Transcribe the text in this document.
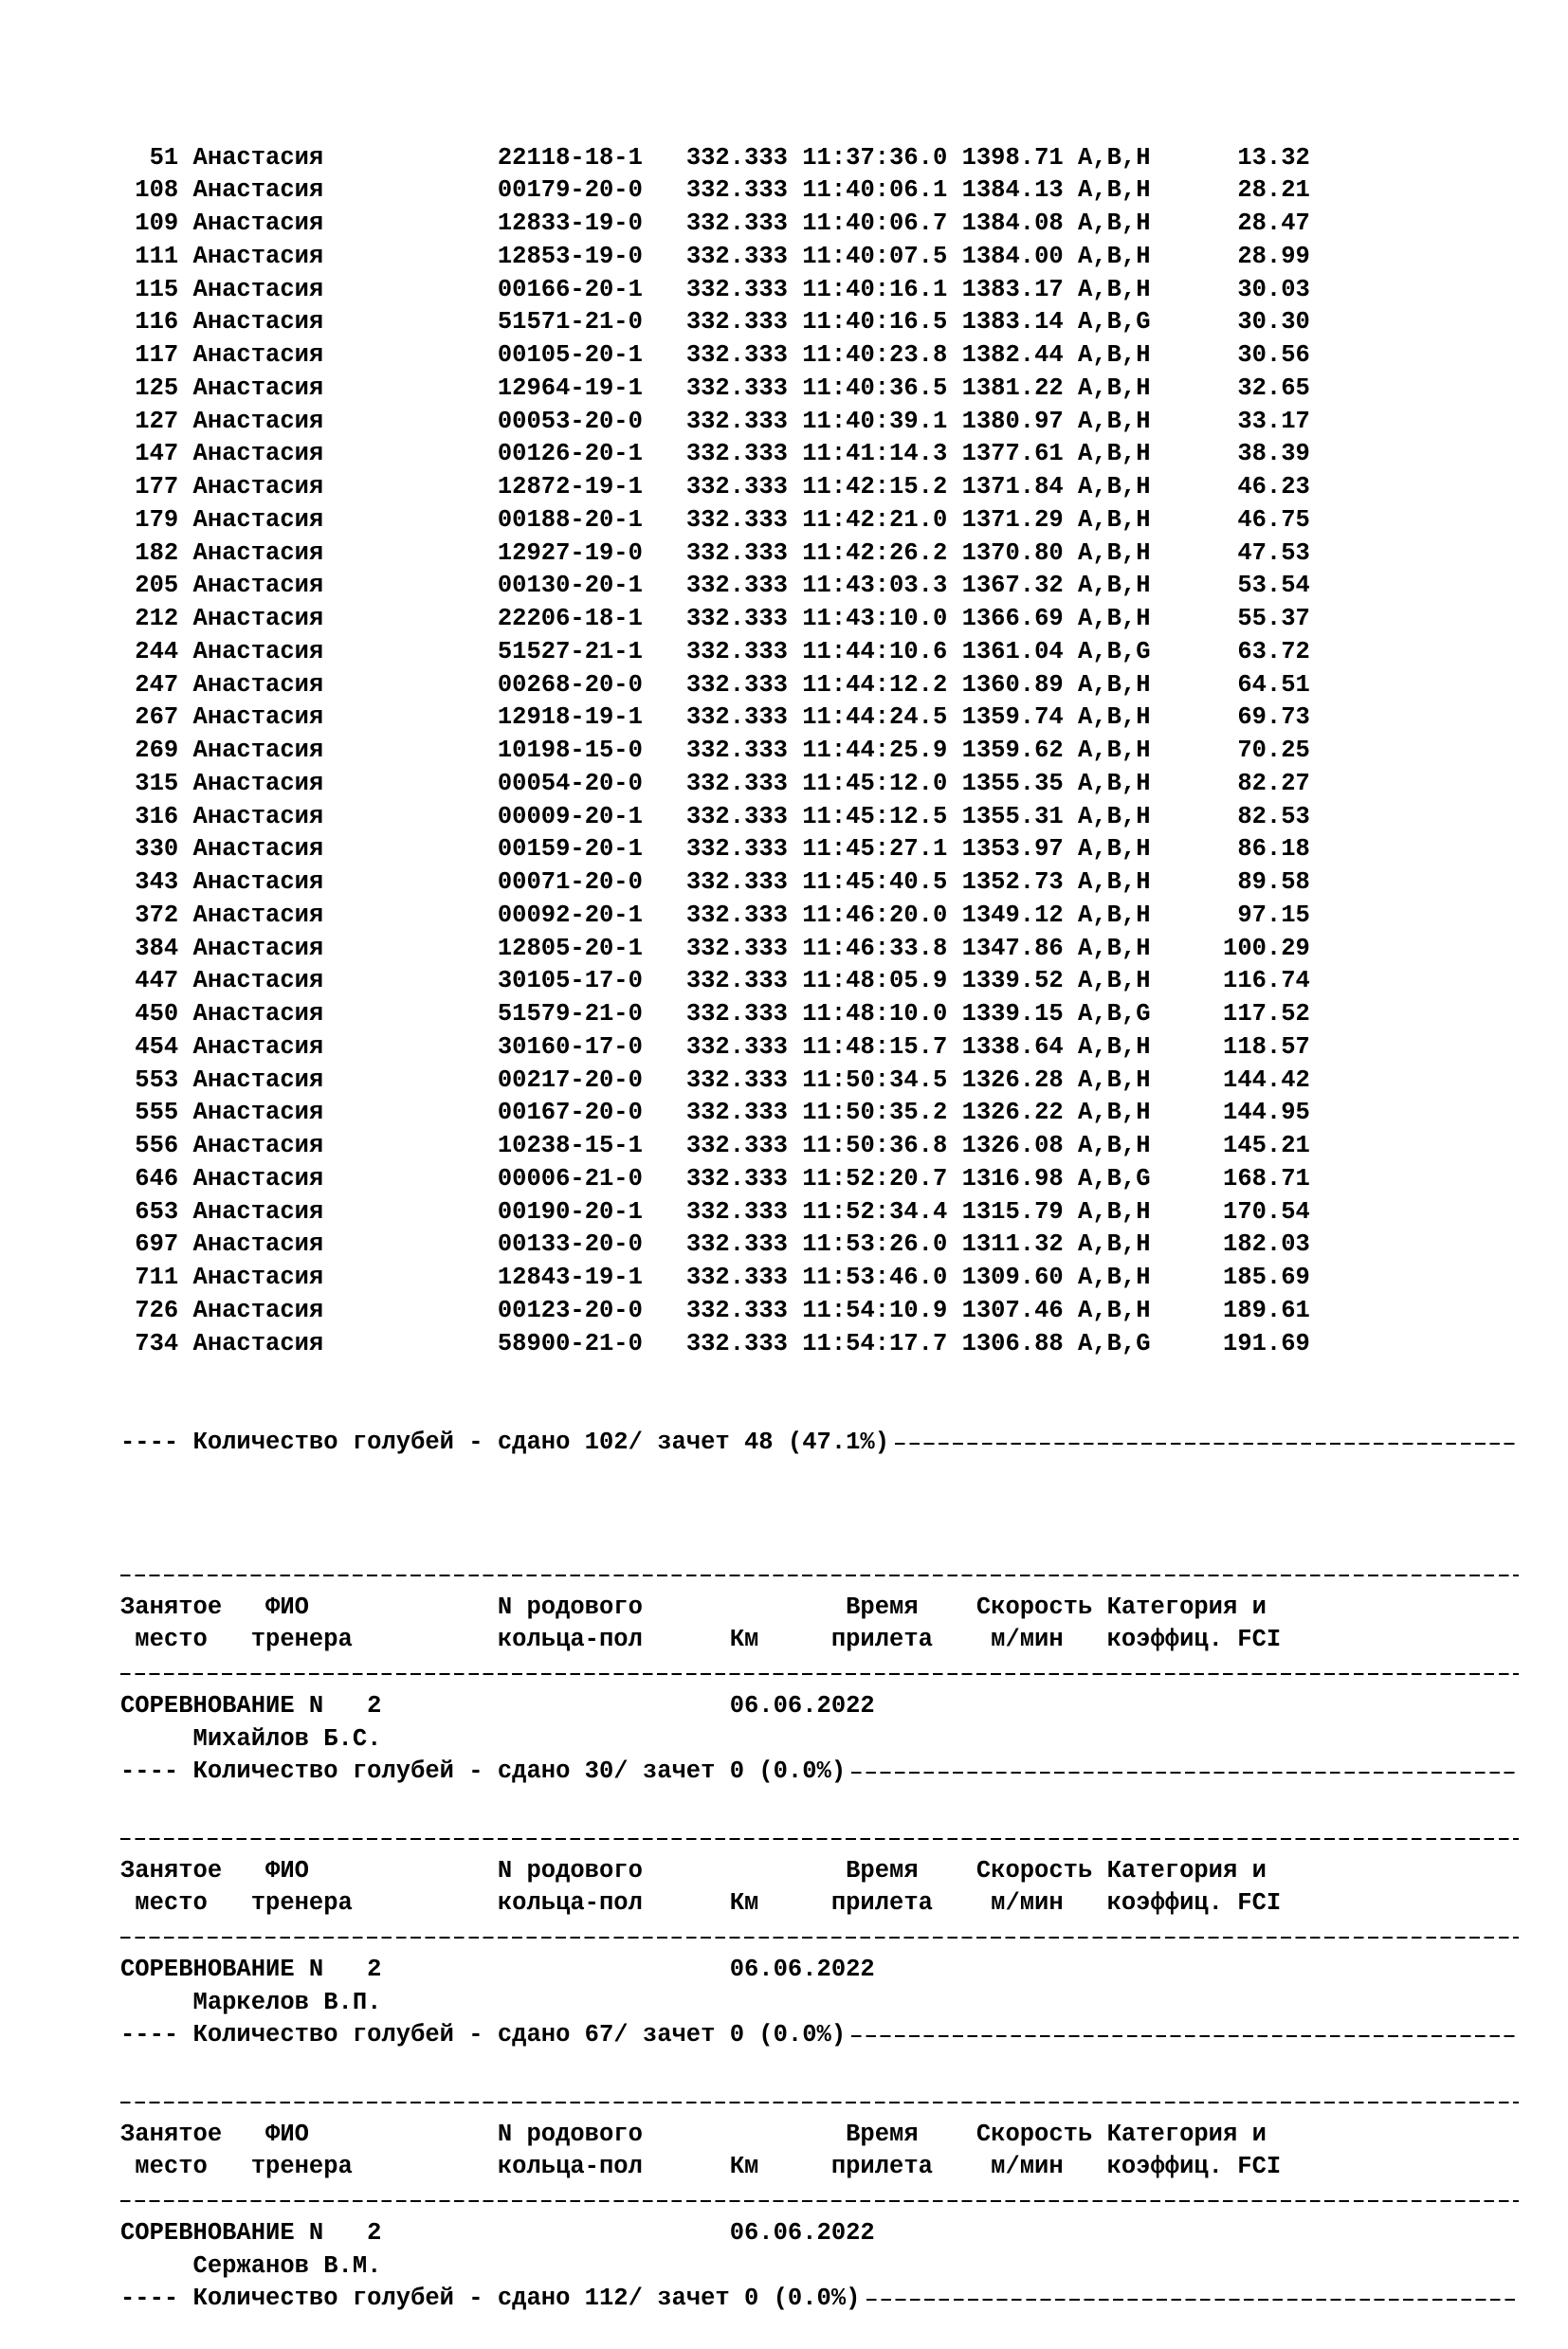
51 Анастасия            22118-18-1   332.333 11:37:36.0 1398.71 A,B,H      13.32
108 Анастасия            00179-20-0   332.333 11:40:06.1 1384.13 A,B,H      28.21
109 Анастасия            12833-19-0   332.333 11:40:06.7 1384.08 A,B,H      28.47
111 Анастасия            12853-19-0   332.333 11:40:07.5 1384.00 A,B,H      28.99
115 Анастасия            00166-20-1   332.333 11:40:16.1 1383.17 A,B,H      30.03
116 Анастасия            51571-21-0   332.333 11:40:16.5 1383.14 A,B,G      30.30
117 Анастасия            00105-20-1   332.333 11:40:23.8 1382.44 A,B,H      30.56
125 Анастасия            12964-19-1   332.333 11:40:36.5 1381.22 A,B,H      32.65
127 Анастасия            00053-20-0   332.333 11:40:39.1 1380.97 A,B,H      33.17
147 Анастасия            00126-20-1   332.333 11:41:14.3 1377.61 A,B,H      38.39
177 Анастасия            12872-19-1   332.333 11:42:15.2 1371.84 A,B,H      46.23
179 Анастасия            00188-20-1   332.333 11:42:21.0 1371.29 A,B,H      46.75
182 Анастасия            12927-19-0   332.333 11:42:26.2 1370.80 A,B,H      47.53
205 Анастасия            00130-20-1   332.333 11:43:03.3 1367.32 A,B,H      53.54
212 Анастасия            22206-18-1   332.333 11:43:10.0 1366.69 A,B,H      55.37
244 Анастасия            51527-21-1   332.333 11:44:10.6 1361.04 A,B,G      63.72
247 Анастасия            00268-20-0   332.333 11:44:12.2 1360.89 A,B,H      64.51
267 Анастасия            12918-19-1   332.333 11:44:24.5 1359.74 A,B,H      69.73
269 Анастасия            10198-15-0   332.333 11:44:25.9 1359.62 A,B,H      70.25
315 Анастасия            00054-20-0   332.333 11:45:12.0 1355.35 A,B,H      82.27
316 Анастасия            00009-20-1   332.333 11:45:12.5 1355.31 A,B,H      82.53
330 Анастасия            00159-20-1   332.333 11:45:27.1 1353.97 A,B,H      86.18
343 Анастасия            00071-20-0   332.333 11:45:40.5 1352.73 A,B,H      89.58
372 Анастасия            00092-20-1   332.333 11:46:20.0 1349.12 A,B,H      97.15
384 Анастасия            12805-20-1   332.333 11:46:33.8 1347.86 A,B,H     100.29
447 Анастасия            30105-17-0   332.333 11:48:05.9 1339.52 A,B,H     116.74
450 Анастасия            51579-21-0   332.333 11:48:10.0 1339.15 A,B,G     117.52
454 Анастасия            30160-17-0   332.333 11:48:15.7 1338.64 A,B,H     118.57
553 Анастасия            00217-20-0   332.333 11:50:34.5 1326.28 A,B,H     144.42
555 Анастасия            00167-20-0   332.333 11:50:35.2 1326.22 A,B,H     144.95
556 Анастасия            10238-15-1   332.333 11:50:36.8 1326.08 A,B,H     145.21
646 Анастасия            00006-21-0   332.333 11:52:20.7 1316.98 A,B,G     168.71
653 Анастасия            00190-20-1   332.333 11:52:34.4 1315.79 A,B,H     170.54
697 Анастасия            00133-20-0   332.333 11:53:26.0 1311.32 A,B,H     182.03
711 Анастасия            12843-19-1   332.333 11:53:46.0 1309.60 A,B,H     185.69
726 Анастасия            00123-20-0   332.333 11:54:10.9 1307.46 A,B,H     189.61
734 Анастасия            58900-21-0   332.333 11:54:17.7 1306.88 A,B,G     191.69

---- Количество голубей - сдано 102/ зачет 48 (47.1%)

Занятое   ФИО             N родового              Время    Скорость Категория и
место   тренера          кольца-пол      Км     прилета    м/мин   коэффиц. FCI
СОРЕВНОВАНИЕ N   2                        06.06.2022
Михайлов Б.С.
---- Количество голубей - сдано 30/ зачет 0 (0.0%)
Занятое   ФИО             N родового              Время    Скорость Категория и
место   тренера          кольца-пол      Км     прилета    м/мин   коэффиц. FCI
СОРЕВНОВАНИЕ N   2                        06.06.2022
Маркелов В.П.
---- Количество голубей - сдано 67/ зачет 0 (0.0%)
Занятое   ФИО             N родового              Время    Скорость Категория и
место   тренера          кольца-пол      Км     прилета    м/мин   коэффиц. FCI
СОРЕВНОВАНИЕ N   2                        06.06.2022
Сержанов В.М.
---- Количество голубей - сдано 112/ зачет 0 (0.0%)
